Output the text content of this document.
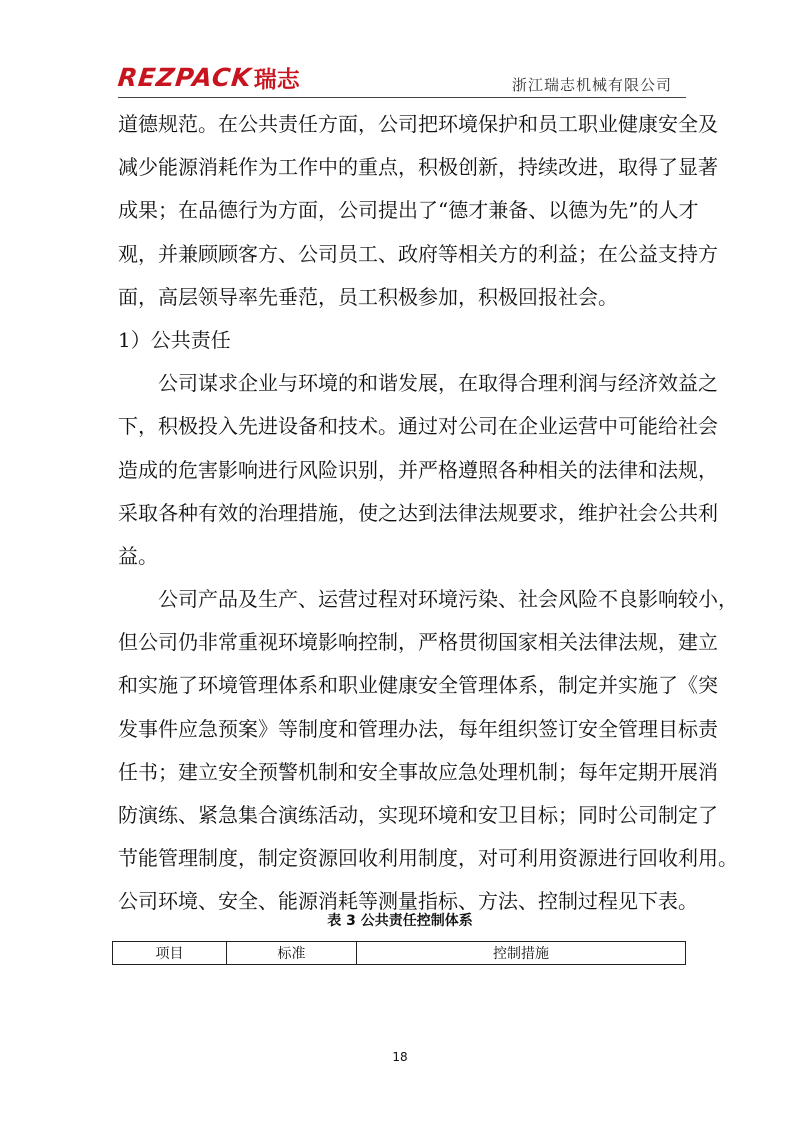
REZPACK 瑞志	浙江瑞志机械有限公司
道德规范。在公共责任方面，公司把环境保护和员工职业健康安全及
减少能源消耗作为工作中的重点，积极创新，持续改进，取得了显著
成果；在品德行为方面，公司提出了“德才兼备、以德为先”的人才
观，并兼顾顾客方、公司员工、政府等相关方的利益；在公益支持方
面，高层领导率先垂范，员工积极参加，积极回报社会。
1）公共责任
公司谋求企业与环境的和谐发展，在取得合理利润与经济效益之
下，积极投入先进设备和技术。通过对公司在企业运营中可能给社会
造成的危害影响进行风险识别，并严格遵照各种相关的法律和法规，
采取各种有效的治理措施，使之达到法律法规要求，维护社会公共利
益。
公司产品及生产、运营过程对环境污染、社会风险不良影响较小，
但公司仍非常重视环境影响控制，严格贯彻国家相关法律法规，建立
和实施了环境管理体系和职业健康安全管理体系，制定并实施了《突
发事件应急预案》等制度和管理办法，每年组织签订安全管理目标责
任书；建立安全预警机制和安全事故应急处理机制；每年定期开展消
防演练、紧急集合演练活动，实现环境和安卫目标；同时公司制定了
节能管理制度，制定资源回收利用制度，对可利用资源进行回收利用。
公司环境、安全、能源消耗等测量指标、方法、控制过程见下表。
表 3 公共责任控制体系
项目	标准	控制措施
18
